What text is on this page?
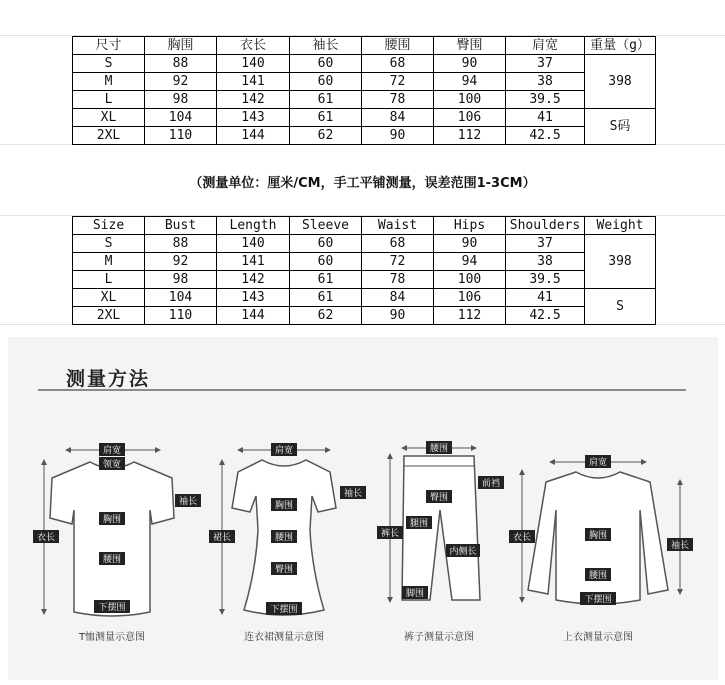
尺寸	胸围	衣长	袖长	腰围	臀围	肩宽	重量（g）
S	88	140	60	68	90	37	398
M	92	141	60	72	94	38	
L	98	142	61	78	100	39.5	
XL	104	143	61	84	106	41	S码
2XL	110	144	62	90	112	42.5	
（测量单位：厘米/CM，手工平铺测量，误差范围1-3CM）
Size	Bust	Length	Sleeve	Waist	Hips	Shoulders	Weight
S	88	140	60	68	90	37	398
M	92	141	60	72	94	38	
L	98	142	61	78	100	39.5	
XL	104	143	61	84	106	41	S
2XL	110	144	62	90	112	42.5	
测量方法
肩宽
领宽
袖长
衣长
胸围
腰围
下摆围
T恤测量示意图
肩宽
袖长
裙长
胸围
腰围
臀围
下摆围
连衣裙测量示意图
腰围
前裆
臀围
裤长
腿围
内侧长
脚围
裤子测量示意图
肩宽
胸围
衣长
袖长
腰围
下摆围
上衣测量示意图
